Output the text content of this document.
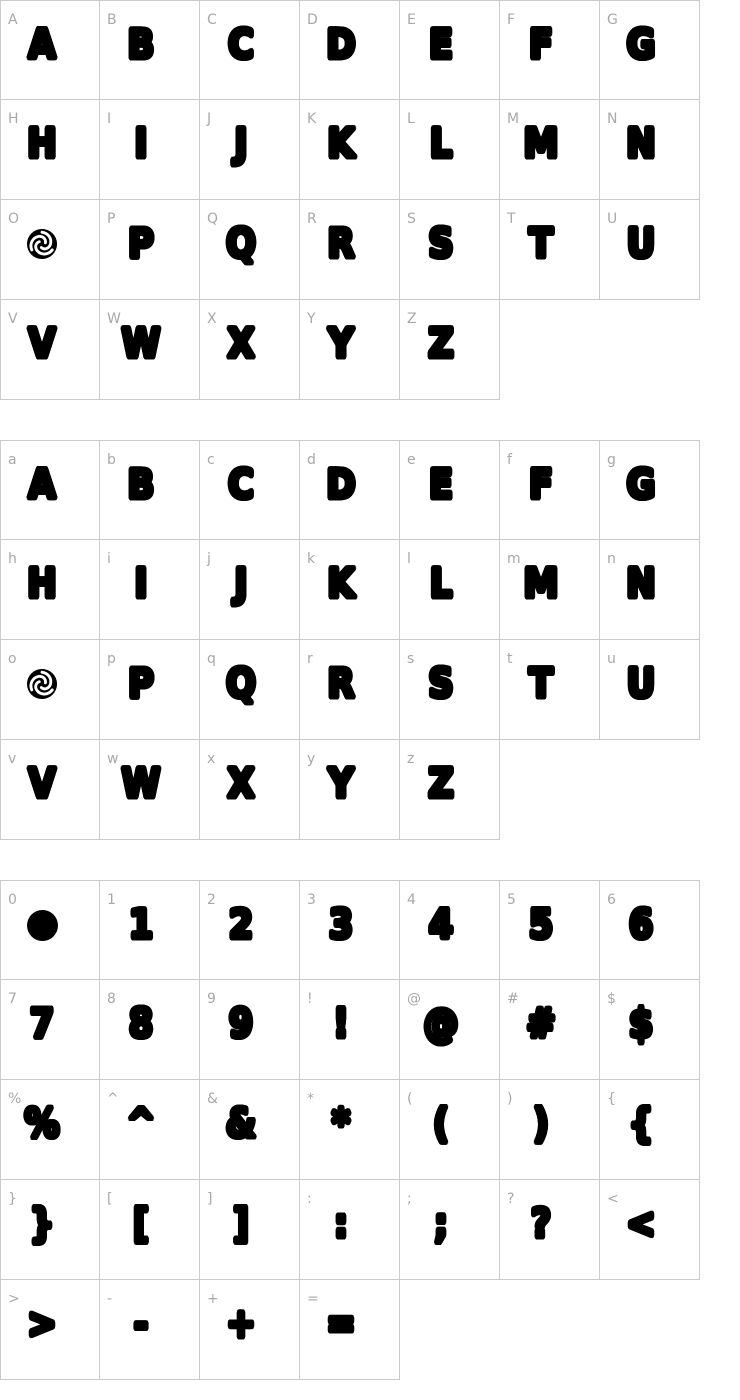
A
A
B
B
C
C
D
D
E
E
F
F
G
G
H
H
I
I
J
J
K
K
L
L
M
M
N
N
O	P
P
Q
Q
R
R
S
S
T
T
U
U
V
V
W
W
X
X
Y
Y
Z
Z
a
A
b
B
c
C
d
D
e
E
f
F
g
G
h
H
i
I
j
J
k
K
l
L
m
M
n
N
o	p
P
q
Q
r
R
s
S
t
T
u
U
v
V
w
W
x
X
y
Y
z
Z
0	1
1
2
2
3
3
4
4
5
5
6
6
7
7
8
8
9
9
!
!
@
@
#
#
$
$
%
%
^
^
&
&
*
*
(
(
)
)
{
{
}
}
[
[
]
]
:
:
;
;
?
?
<
<
>
>
-
-
+
+
=
=
